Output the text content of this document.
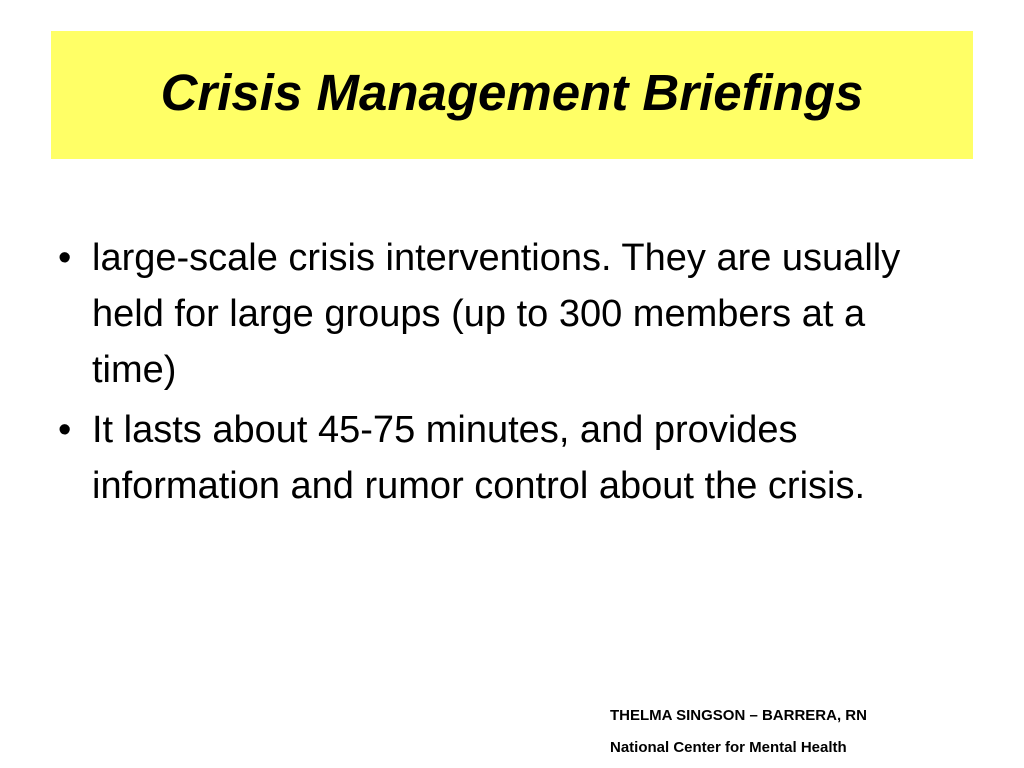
Crisis Management Briefings
• large-scale crisis interventions. They are usually held for large groups (up to 300 members at a time)
• It lasts about 45-75 minutes, and provides information and rumor control about the crisis.
THELMA SINGSON – BARRERA, RN
National Center for Mental Health
